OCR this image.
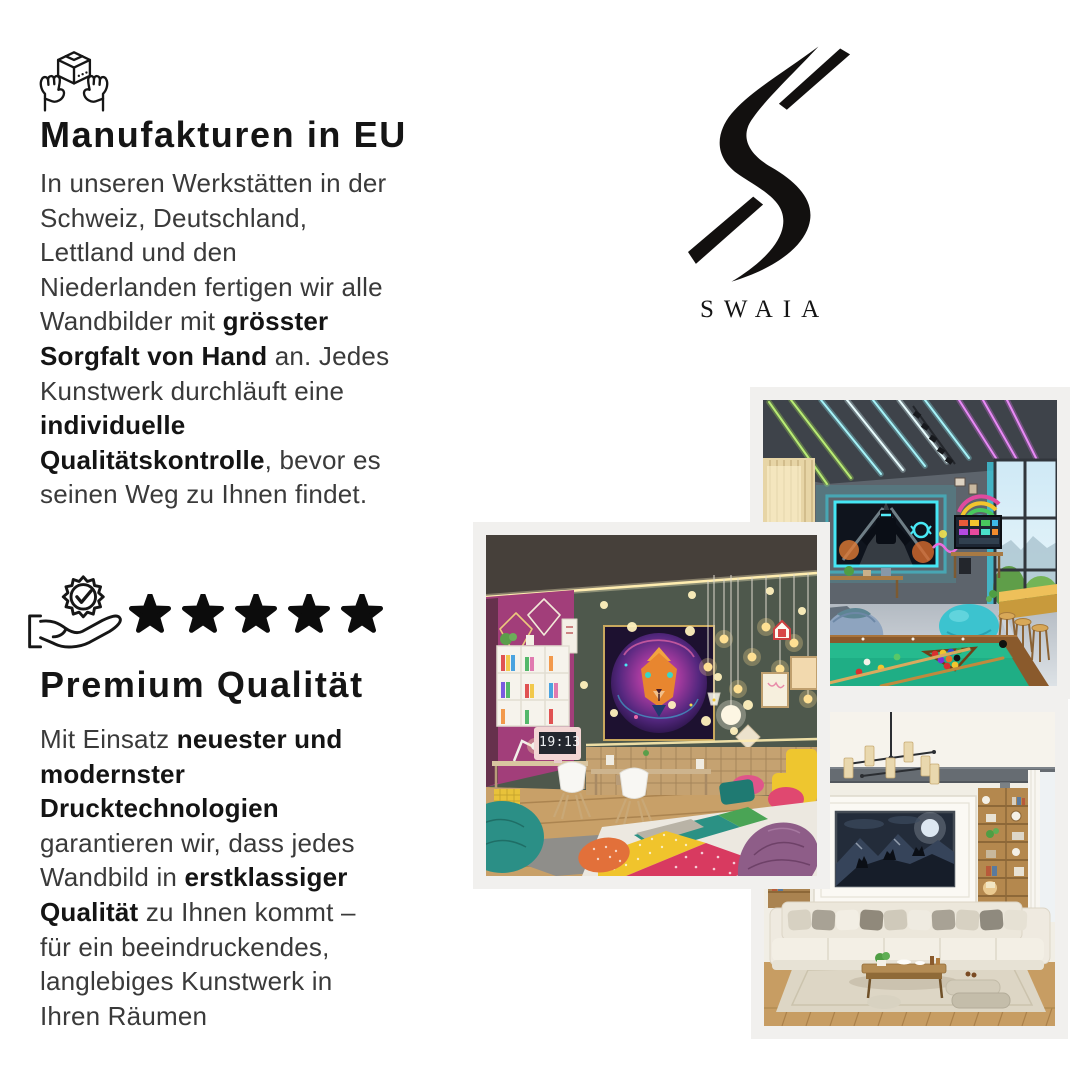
Manufakturen in EU
In unseren Werkstätten in der
Schweiz, Deutschland,
Lettland und den
Niederlanden fertigen wir alle
Wandbilder mit grösster
Sorgfalt von Hand an. Jedes
Kunstwerk durchläuft eine
individuelle
Qualitätskontrolle, bevor es
seinen Weg zu Ihnen findet.
Premium Qualität
Mit Einsatz neuester und
modernster
Drucktechnologien
garantieren wir, dass jedes
Wandbild in erstklassiger
Qualität zu Ihnen kommt –
für ein beeindruckendes,
langlebiges Kunstwerk in
Ihren Räumen
SWAIA
19:13
